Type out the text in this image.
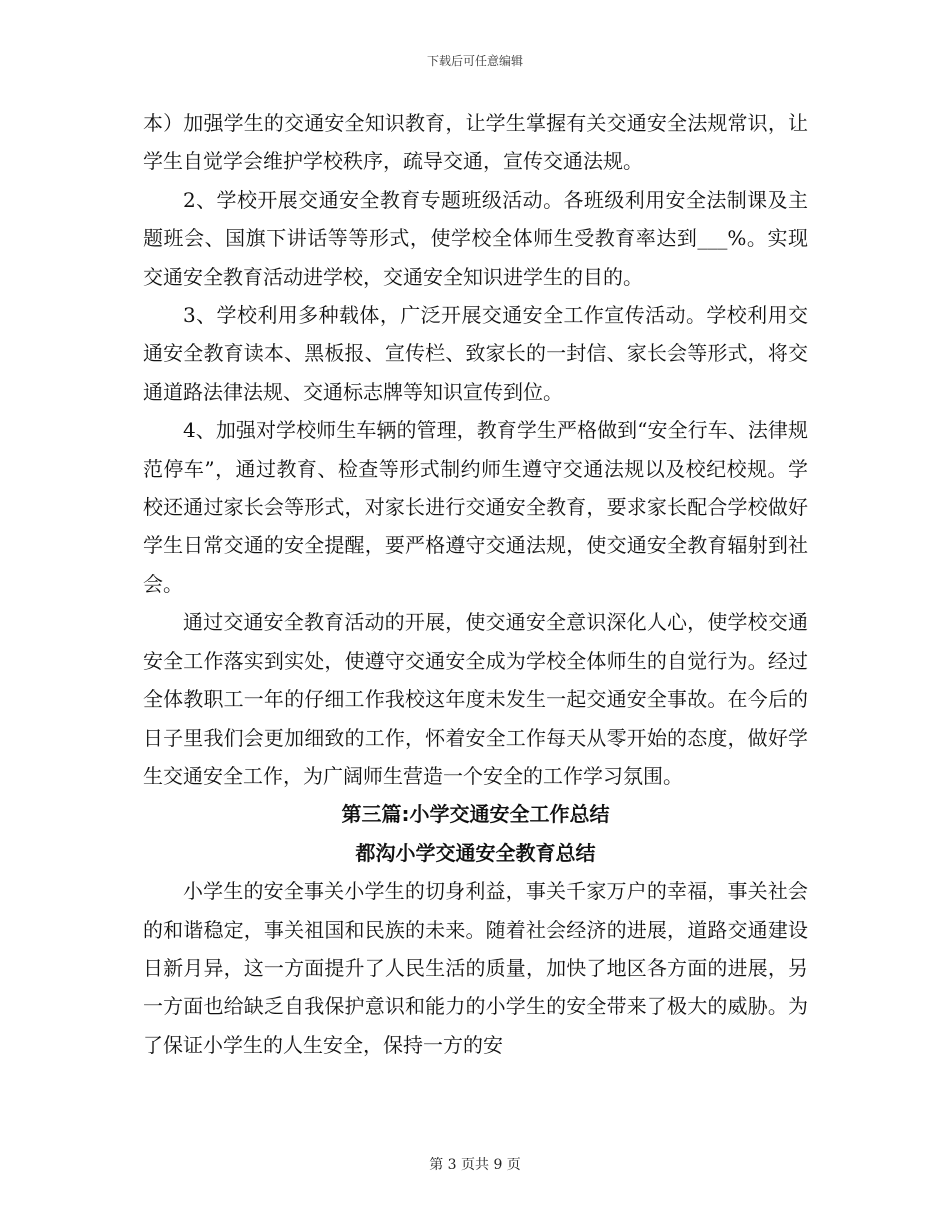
下载后可任意编辑

本）加强学生的交通安全知识教育，让学生掌握有关交通安全法规常识，让学生自觉学会维护学校秩序，疏导交通，宣传交通法规。

2、学校开展交通安全教育专题班级活动。各班级利用安全法制课及主题班会、国旗下讲话等等形式，使学校全体师生受教育率达到___%。实现交通安全教育活动进学校，交通安全知识进学生的目的。

3、学校利用多种载体，广泛开展交通安全工作宣传活动。学校利用交通安全教育读本、黑板报、宣传栏、致家长的一封信、家长会等形式，将交通道路法律法规、交通标志牌等知识宣传到位。

4、加强对学校师生车辆的管理，教育学生严格做到“安全行车、法律规范停车”，通过教育、检查等形式制约师生遵守交通法规以及校纪校规。学校还通过家长会等形式，对家长进行交通安全教育，要求家长配合学校做好学生日常交通的安全提醒，要严格遵守交通法规，使交通安全教育辐射到社会。

通过交通安全教育活动的开展，使交通安全意识深化人心，使学校交通安全工作落实到实处，使遵守交通安全成为学校全体师生的自觉行为。经过全体教职工一年的仔细工作我校这年度未发生一起交通安全事故。在今后的日子里我们会更加细致的工作，怀着安全工作每天从零开始的态度，做好学生交通安全工作，为广阔师生营造一个安全的工作学习氛围。

第三篇:小学交通安全工作总结

都沟小学交通安全教育总结

小学生的安全事关小学生的切身利益，事关千家万户的幸福，事关社会的和谐稳定，事关祖国和民族的未来。随着社会经济的进展，道路交通建设日新月异，这一方面提升了人民生活的质量，加快了地区各方面的进展，另一方面也给缺乏自我保护意识和能力的小学生的安全带来了极大的威胁。为了保证小学生的人生安全，保持一方的安

第 3 页共 9 页
